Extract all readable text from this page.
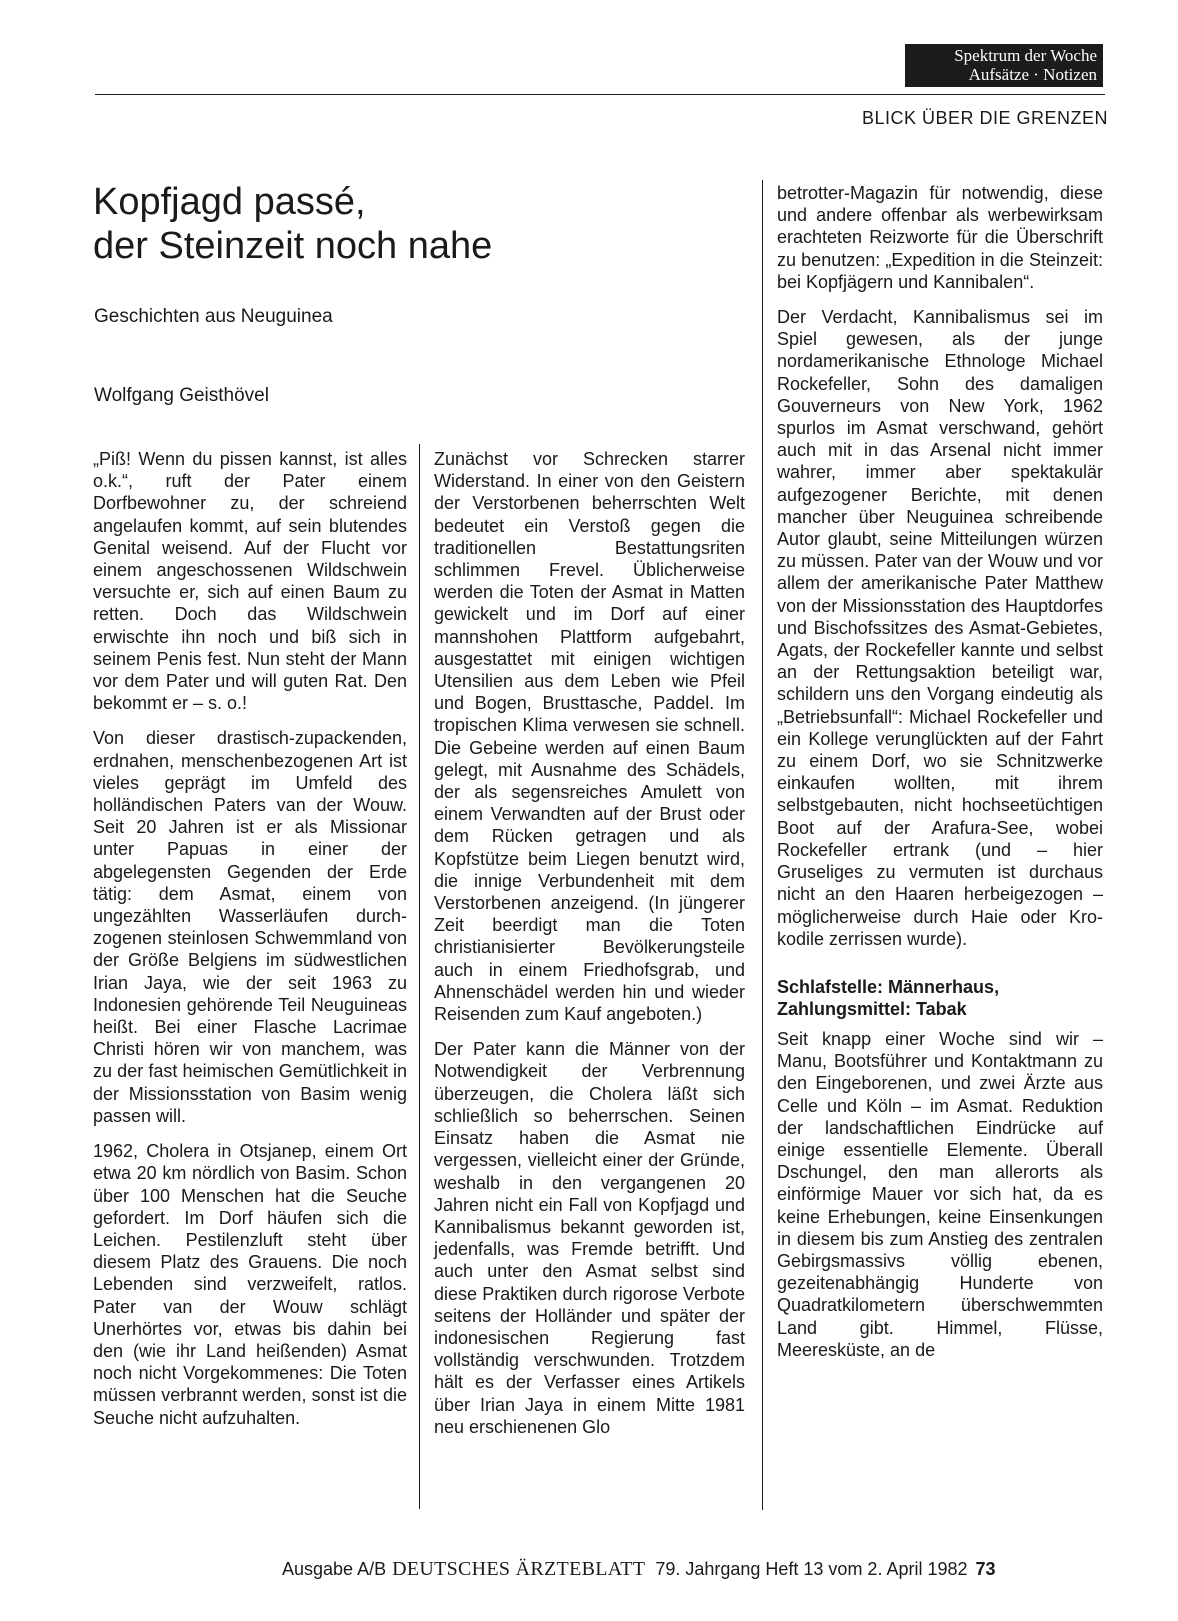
Spektrum der Woche
Aufsätze · Notizen
BLICK ÜBER DIE GRENZEN
Kopfjagd passé,
der Steinzeit noch nahe
Geschichten aus Neuguinea
Wolfgang Geisthövel

„Piß! Wenn du pissen kannst, ist alles o.k.“, ruft der Pater einem Dorfbewohner zu, der schreiend angelaufen kommt, auf sein blutendes Genital weisend. Auf der Flucht vor einem angeschossenen Wildschwein versuchte er, sich auf einen Baum zu retten. Doch das Wildschwein erwischte ihn noch und biß sich in seinem Penis fest. Nun steht der Mann vor dem Pater und will guten Rat. Den bekommt er – s. o.!

Von dieser drastisch-zupackenden, erdnahen, menschenbezogenen Art ist vieles geprägt im Umfeld des holländischen Paters van der Wouw. Seit 20 Jahren ist er als Missionar unter Papuas in einer der abgelegensten Gegenden der Erde tätig: dem Asmat, einem von ungezählten Wasserläufen durchzogenen steinlosen Schwemmland von der Größe Belgiens im südwestlichen Irian Jaya, wie der seit 1963 zu Indonesien gehörende Teil Neuguineas heißt. Bei einer Flasche Lacrimae Christi hören wir von manchem, was zu der fast heimischen Gemütlichkeit in der Missionsstation von Basim wenig passen will.

1962, Cholera in Otsjanep, einem Ort etwa 20 km nördlich von Basim. Schon über 100 Menschen hat die Seuche gefordert. Im Dorf häufen sich die Leichen. Pestilenzluft steht über diesem Platz des Grauens. Die noch Lebenden sind verzweifelt, ratlos. Pater van der Wouw schlägt Unerhörtes vor, etwas bis dahin bei den (wie ihr Land heißenden) Asmat noch nicht Vorgekommenes: Die Toten müssen verbrannt werden, sonst ist die Seuche nicht aufzuhalten.

Zunächst vor Schrecken starrer Widerstand. In einer von den Geistern der Verstorbenen beherrschten Welt bedeutet ein Verstoß gegen die traditionellen Bestattungsriten schlimmen Frevel. Üblicherweise werden die Toten der Asmat in Matten gewickelt und im Dorf auf einer mannshohen Plattform aufgebahrt, ausgestattet mit einigen wichtigen Utensilien aus dem Leben wie Pfeil und Bogen, Brusttasche, Paddel. Im tropischen Klima verwesen sie schnell. Die Gebeine werden auf einen Baum gelegt, mit Ausnahme des Schädels, der als segensreiches Amulett von einem Verwandten auf der Brust oder dem Rücken getragen und als Kopfstütze beim Liegen benutzt wird, die innige Verbundenheit mit dem Verstorbenen anzeigend. (In jüngerer Zeit beerdigt man die Toten christianisierter Bevölkerungsteile auch in einem Friedhofsgrab, und Ahnenschädel werden hin und wieder Reisenden zum Kauf angeboten.)

Der Pater kann die Männer von der Notwendigkeit der Verbrennung überzeugen, die Cholera läßt sich schließlich so beherrschen. Seinen Einsatz haben die Asmat nie vergessen, vielleicht einer der Gründe, weshalb in den vergangenen 20 Jahren nicht ein Fall von Kopfjagd und Kannibalismus bekannt geworden ist, jedenfalls, was Fremde betrifft. Und auch unter den Asmat selbst sind diese Praktiken durch rigorose Verbote seitens der Holländer und später der indonesischen Regierung fast vollständig verschwunden. Trotzdem hält es der Verfasser eines Artikels über Irian Jaya in einem Mitte 1981 neu erschienenen Glo

betrotter-Magazin für notwendig, diese und andere offenbar als werbewirksam erachteten Reizworte für die Überschrift zu benutzen: „Expedition in die Steinzeit: bei Kopfjägern und Kannibalen“.

Der Verdacht, Kannibalismus sei im Spiel gewesen, als der junge nordamerikanische Ethnologe Michael Rockefeller, Sohn des damaligen Gouverneurs von New York, 1962 spurlos im Asmat verschwand, gehört auch mit in das Arsenal nicht immer wahrer, immer aber spektakulär aufgezogener Berichte, mit denen mancher über Neuguinea schreibende Autor glaubt, seine Mitteilungen würzen zu müssen. Pater van der Wouw und vor allem der amerikanische Pater Matthew von der Missionsstation des Hauptdorfes und Bischofssitzes des Asmat-Gebietes, Agats, der Rockefeller kannte und selbst an der Rettungsaktion beteiligt war, schildern uns den Vorgang eindeutig als „Betriebsunfall“: Michael Rockefeller und ein Kollege verunglückten auf der Fahrt zu einem Dorf, wo sie Schnitzwerke einkaufen wollten, mit ihrem selbstgebauten, nicht hochseetüchtigen Boot auf der Arafura-See, wobei Rockefeller ertrank (und – hier Gruseliges zu vermuten ist durchaus nicht an den Haaren herbeigezogen – möglicherweise durch Haie oder Krokodile zerrissen wurde).

Schlafstelle: Männerhaus,
Zahlungsmittel: Tabak

Seit knapp einer Woche sind wir – Manu, Bootsführer und Kontaktmann zu den Eingeborenen, und zwei Ärzte aus Celle und Köln – im Asmat. Reduktion der landschaftlichen Eindrücke auf einige essentielle Elemente. Überall Dschungel, den man allerorts als einförmige Mauer vor sich hat, da es keine Erhebungen, keine Einsenkungen in diesem bis zum Anstieg des zentralen Gebirgsmassivs völlig ebenen, gezeitenabhängig Hunderte von Quadratkilometern überschwemmten Land gibt. Himmel, Flüsse, Meeresküste, an de

Ausgabe A/B DEUTSCHES ÄRZTEBLATT 79. Jahrgang Heft 13 vom 2. April 1982 73
